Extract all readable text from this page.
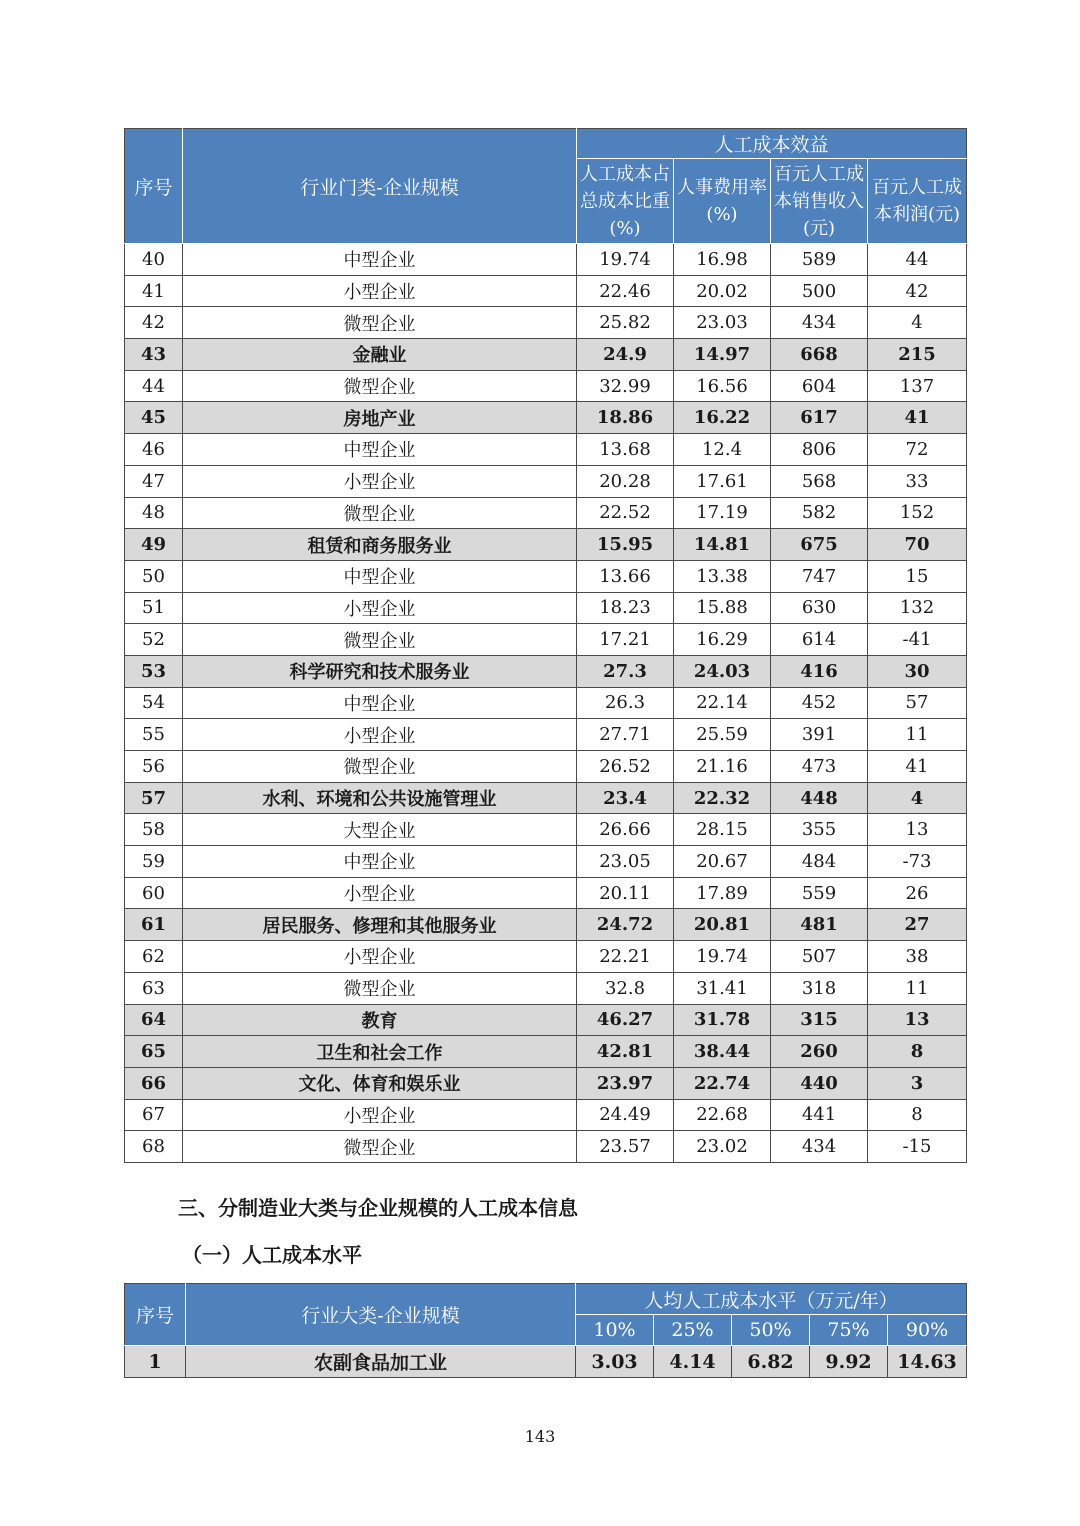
序号	行业门类-企业规模	人工成本效益			
		人工成本占总成本比重(%)	人事费用率(%)	百元人工成本销售收入(元)	百元人工成本利润(元)
40	中型企业	19.74	16.98	589	44
41	小型企业	22.46	20.02	500	42
42	微型企业	25.82	23.03	434	4
43	金融业	24.9	14.97	668	215
44	微型企业	32.99	16.56	604	137
45	房地产业	18.86	16.22	617	41
46	中型企业	13.68	12.4	806	72
47	小型企业	20.28	17.61	568	33
48	微型企业	22.52	17.19	582	152
49	租赁和商务服务业	15.95	14.81	675	70
50	中型企业	13.66	13.38	747	15
51	小型企业	18.23	15.88	630	132
52	微型企业	17.21	16.29	614	-41
53	科学研究和技术服务业	27.3	24.03	416	30
54	中型企业	26.3	22.14	452	57
55	小型企业	27.71	25.59	391	11
56	微型企业	26.52	21.16	473	41
57	水利、环境和公共设施管理业	23.4	22.32	448	4
58	大型企业	26.66	28.15	355	13
59	中型企业	23.05	20.67	484	-73
60	小型企业	20.11	17.89	559	26
61	居民服务、修理和其他服务业	24.72	20.81	481	27
62	小型企业	22.21	19.74	507	38
63	微型企业	32.8	31.41	318	11
64	教育	46.27	31.78	315	13
65	卫生和社会工作	42.81	38.44	260	8
66	文化、体育和娱乐业	23.97	22.74	440	3
67	小型企业	24.49	22.68	441	8
68	微型企业	23.57	23.02	434	-15
三、分制造业大类与企业规模的人工成本信息
（一）人工成本水平
序号	行业大类-企业规模	人均人工成本水平（万元/年）				
		10%	25%	50%	75%	90%
1	农副食品加工业	3.03	4.14	6.82	9.92	14.63
143
